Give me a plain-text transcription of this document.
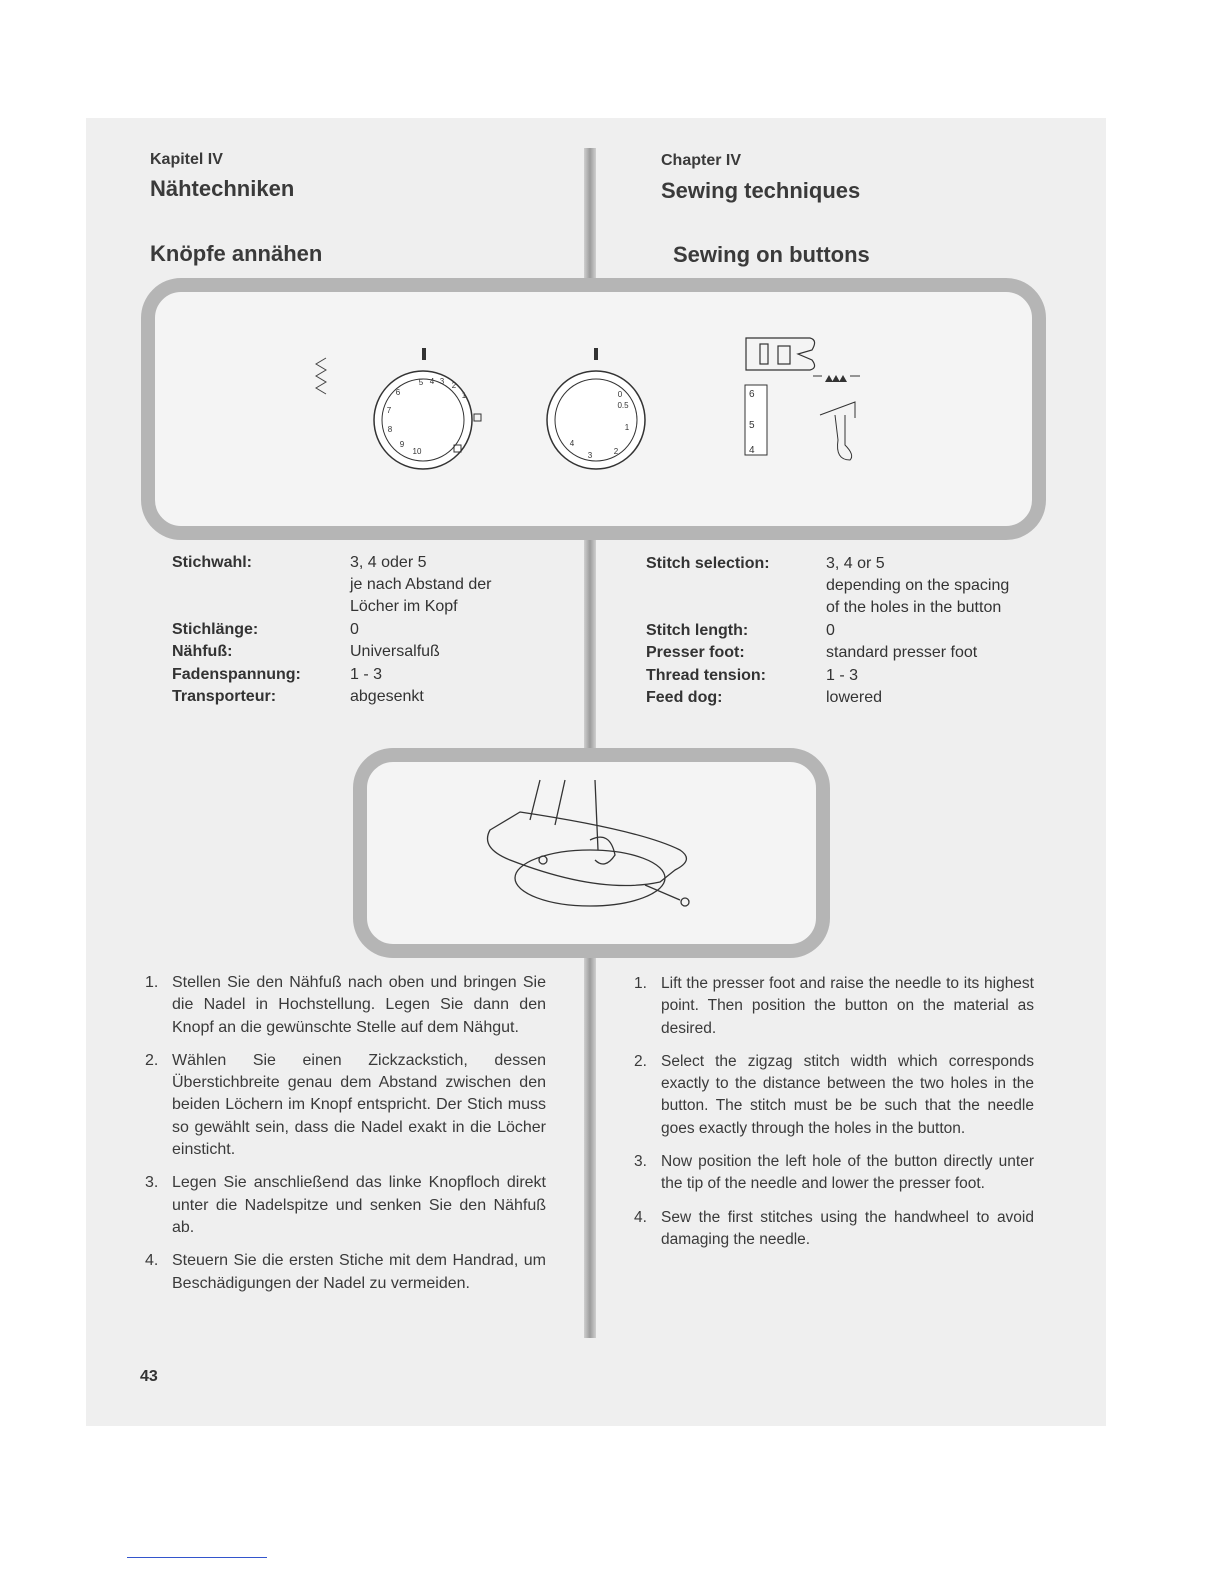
Kapitel IV
Nähtechniken
Knöpfe annähen
Chapter IV
Sewing techniques
Sewing on buttons
1
2
3
4
5
6
7
8
9
10
0
0.5
1
2
3
4
6
5
4
Stichwahl:	3, 4 oder 5
je nach Abstand der
Löcher im Kopf
Stichlänge:	0
Nähfuß:	Universalfuß
Fadenspannung:	1 - 3
Transporteur:	abgesenkt
Stitch selection:	3, 4 or 5
depending on the spacing
of the holes in the button
Stitch length:	0
Presser foot:	standard presser foot
Thread tension:	1 - 3
Feed dog:	lowered
1. Stellen Sie den Nähfuß nach oben und bringen Sie die Nadel in Hochstellung. Legen Sie dann den Knopf an die gewünschte Stelle auf dem Nähgut.
2. Wählen Sie einen Zickzackstich, dessen Überstichbreite genau dem Abstand zwischen den beiden Löchern im Knopf entspricht. Der Stich muss so gewählt sein, dass die Nadel exakt in die Löcher einsticht.
3. Legen Sie anschließend das linke Knopfloch direkt unter die Nadelspitze und senken Sie den Nähfuß ab.
4. Steuern Sie die ersten Stiche mit dem Handrad, um Beschädigungen der Nadel zu vermeiden.
1. Lift the presser foot and raise the needle to its highest point. Then position the button on the material as desired.
2. Select the zigzag stitch width which corresponds exactly to the distance between the two holes in the button. The stitch must be be such that the needle goes exactly through the holes in the button.
3. Now position the left hole of the button directly unter the tip of the needle and lower the presser foot.
4. Sew the first stitches using the handwheel to avoid damaging the needle.
43
